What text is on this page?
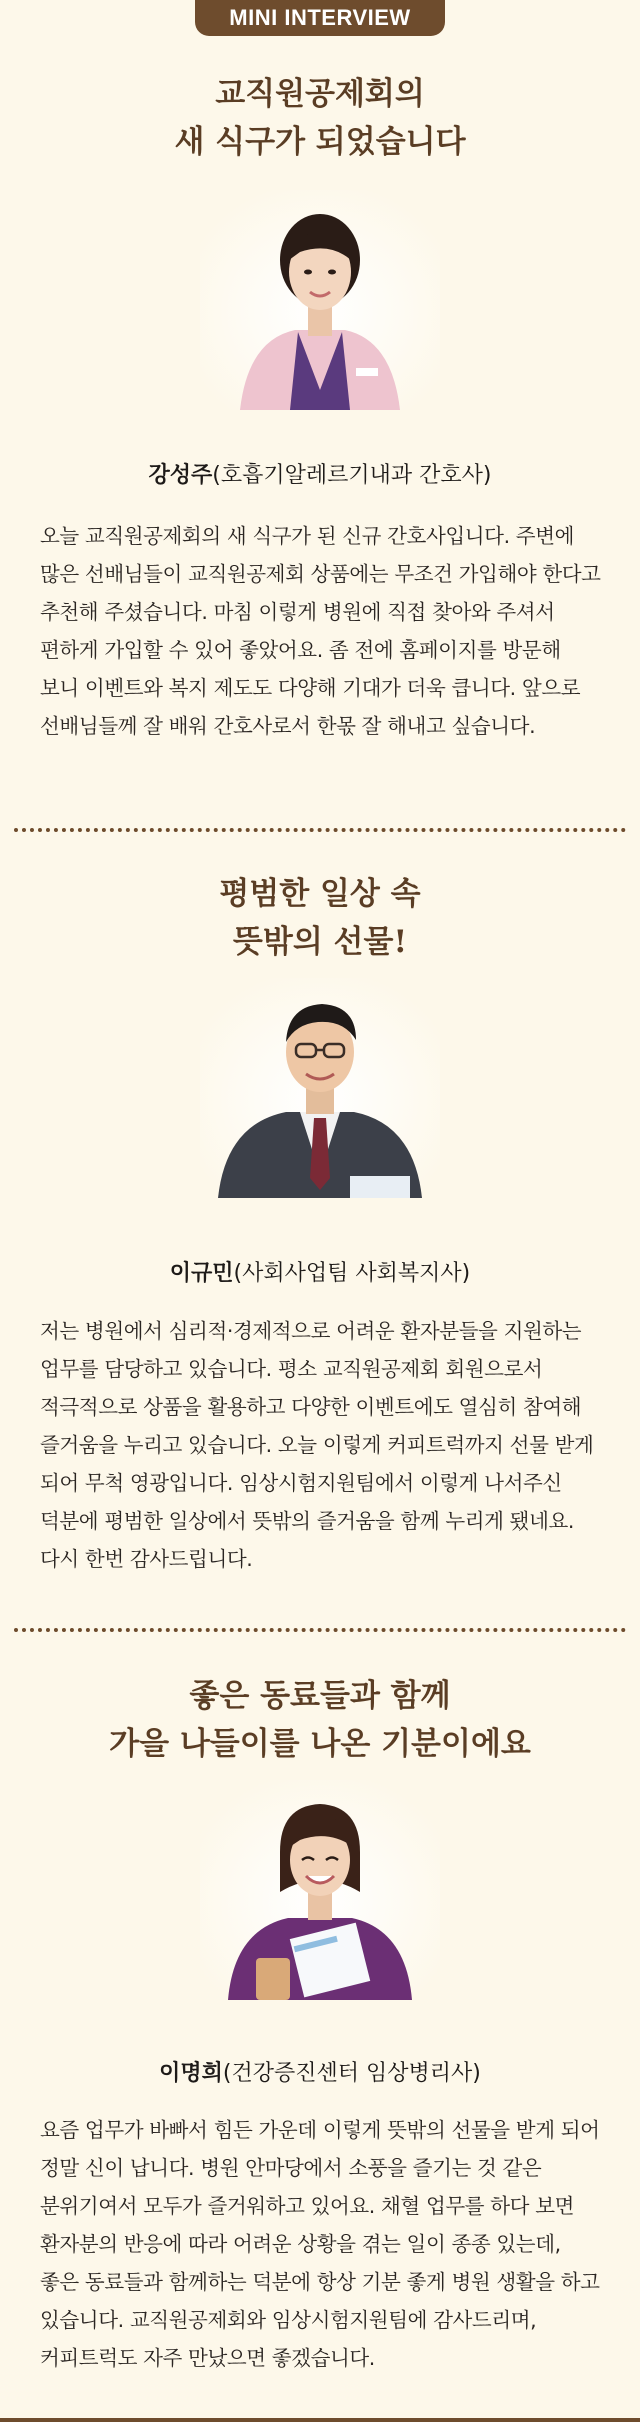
MINI INTERVIEW
교직원공제회의
새 식구가 되었습니다
강성주(호흡기알레르기내과 간호사)

오늘 교직원공제회의 새 식구가 된 신규 간호사입니다. 주변에 많은 선배님들이 교직원공제회 상품에는 무조건 가입해야 한다고 추천해 주셨습니다. 마침 이렇게 병원에 직접 찾아와 주셔서 편하게 가입할 수 있어 좋았어요. 좀 전에 홈페이지를 방문해 보니 이벤트와 복지 제도도 다양해 기대가 더욱 큽니다. 앞으로 선배님들께 잘 배워 간호사로서 한몫 잘 해내고 싶습니다.

평범한 일상 속
뜻밖의 선물!
이규민(사회사업팀 사회복지사)

저는 병원에서 심리적·경제적으로 어려운 환자분들을 지원하는 업무를 담당하고 있습니다. 평소 교직원공제회 회원으로서 적극적으로 상품을 활용하고 다양한 이벤트에도 열심히 참여해 즐거움을 누리고 있습니다. 오늘 이렇게 커피트럭까지 선물 받게 되어 무척 영광입니다. 임상시험지원팀에서 이렇게 나서주신 덕분에 평범한 일상에서 뜻밖의 즐거움을 함께 누리게 됐네요. 다시 한번 감사드립니다.

좋은 동료들과 함께
가을 나들이를 나온 기분이에요
이명희(건강증진센터 임상병리사)

요즘 업무가 바빠서 힘든 가운데 이렇게 뜻밖의 선물을 받게 되어 정말 신이 납니다. 병원 안마당에서 소풍을 즐기는 것 같은 분위기여서 모두가 즐거워하고 있어요. 채혈 업무를 하다 보면 환자분의 반응에 따라 어려운 상황을 겪는 일이 종종 있는데, 좋은 동료들과 함께하는 덕분에 항상 기분 좋게 병원 생활을 하고 있습니다. 교직원공제회와 임상시험지원팀에 감사드리며, 커피트럭도 자주 만났으면 좋겠습니다.
